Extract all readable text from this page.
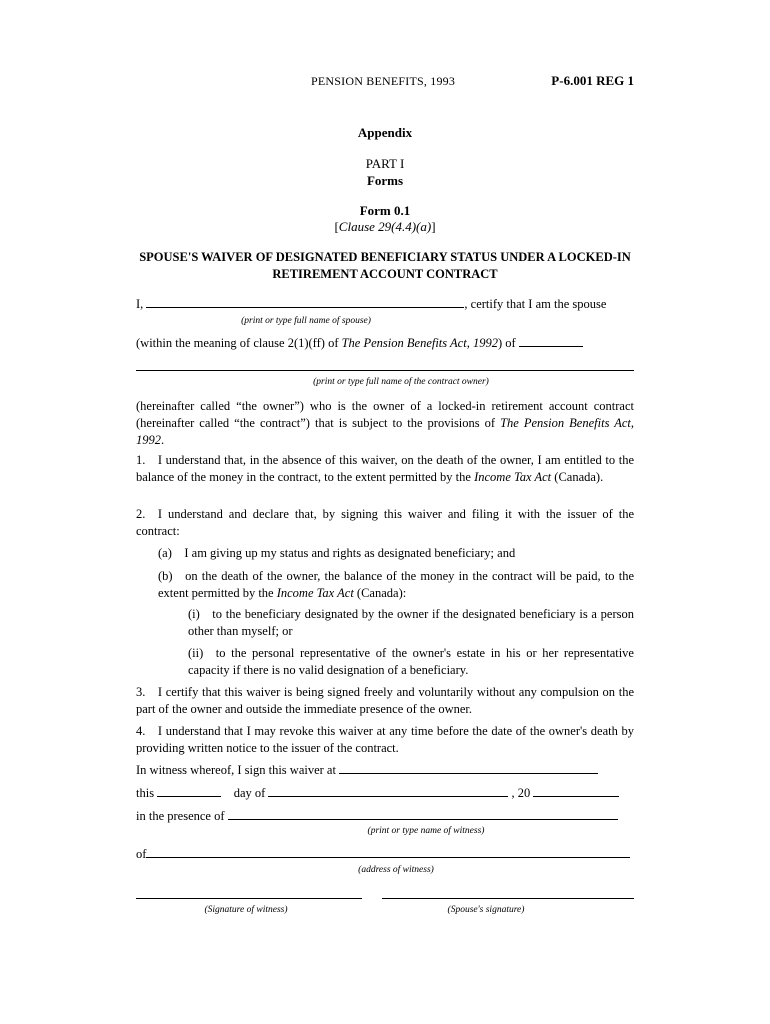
PENSION BENEFITS, 1993	P-6.001 REG 1
Appendix
PART I
Forms
Form 0.1
[Clause 29(4.4)(a)]
SPOUSE'S WAIVER OF DESIGNATED BENEFICIARY STATUS UNDER A LOCKED-IN RETIREMENT ACCOUNT CONTRACT
I,	, certify that I am the spouse
(print or type full name of spouse)
(within the meaning of clause 2(1)(ff) of The Pension Benefits Act, 1992) of
(print or type full name of the contract owner)
(hereinafter called “the owner”) who is the owner of a locked-in retirement account contract (hereinafter called “the contract”) that is subject to the provisions of The Pension Benefits Act, 1992.
1. I understand that, in the absence of this waiver, on the death of the owner, I am entitled to the balance of the money in the contract, to the extent permitted by the Income Tax Act (Canada).
2. I understand and declare that, by signing this waiver and filing it with the issuer of the contract:
(a) I am giving up my status and rights as designated beneficiary; and
(b) on the death of the owner, the balance of the money in the contract will be paid, to the extent permitted by the Income Tax Act (Canada):
(i) to the beneficiary designated by the owner if the designated beneficiary is a person other than myself; or
(ii) to the personal representative of the owner's estate in his or her representative capacity if there is no valid designation of a beneficiary.
3. I certify that this waiver is being signed freely and voluntarily without any compulsion on the part of the owner and outside the immediate presence of the owner.
4. I understand that I may revoke this waiver at any time before the date of the owner's death by providing written notice to the issuer of the contract.
In witness whereof, I sign this waiver at
this	day of	, 20
in the presence of
(print or type name of witness)
of
(address of witness)
(Signature of witness)	(Spouse's signature)
